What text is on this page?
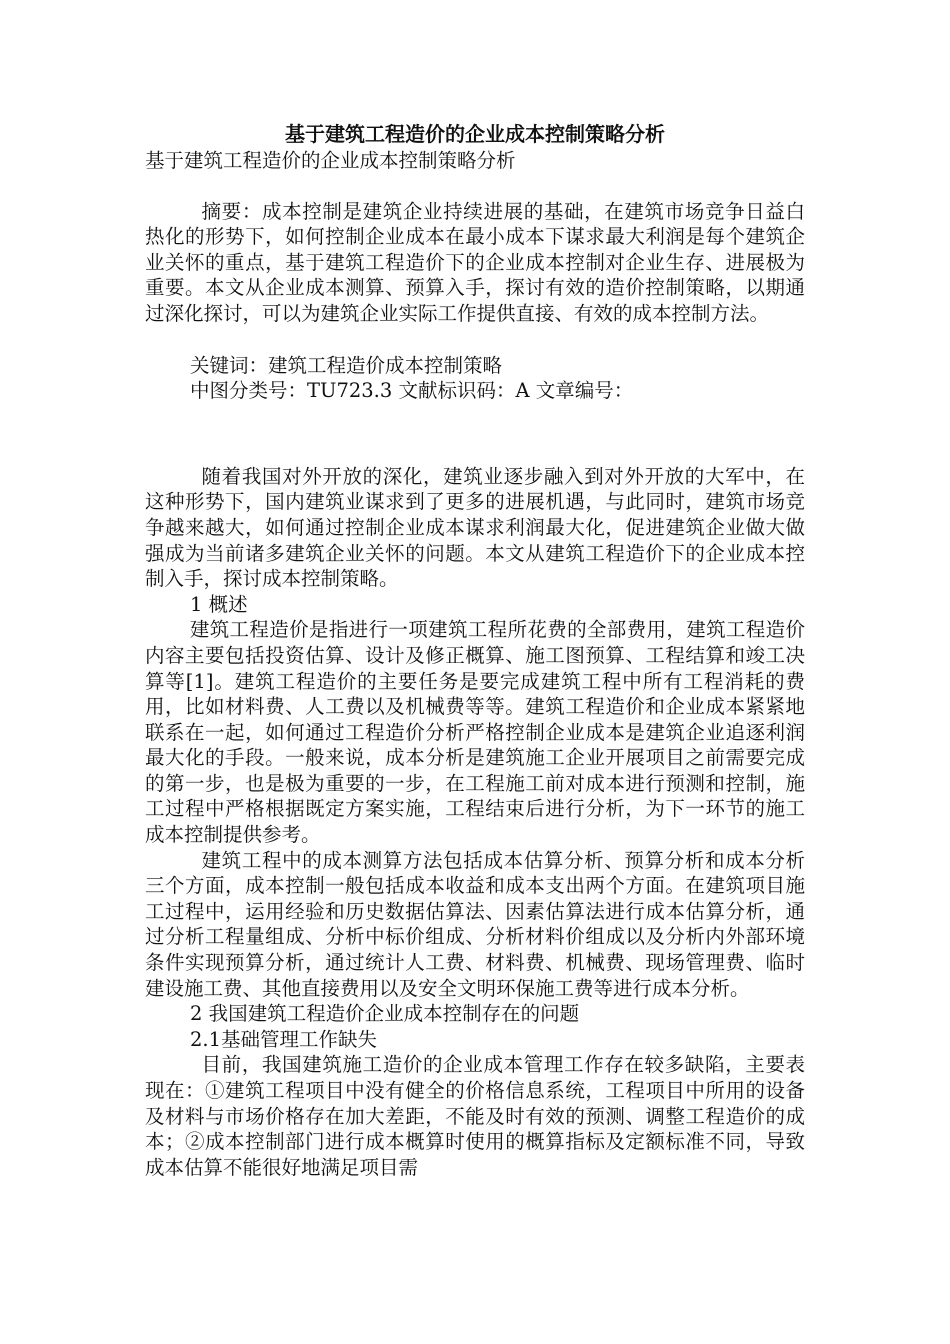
基于建筑工程造价的企业成本控制策略分析

基于建筑工程造价的企业成本控制策略分析

摘要：成本控制是建筑企业持续进展的基础，在建筑市场竞争日益白热化的形势下，如何控制企业成本在最小成本下谋求最大利润是每个建筑企业关怀的重点，基于建筑工程造价下的企业成本控制对企业生存、进展极为重要。本文从企业成本测算、预算入手，探讨有效的造价控制策略，以期通过深化探讨，可以为建筑企业实际工作提供直接、有效的成本控制方法。

关键词：建筑工程造价成本控制策略

中图分类号：TU723.3 文献标识码：A 文章编号：

随着我国对外开放的深化，建筑业逐步融入到对外开放的大军中，在这种形势下，国内建筑业谋求到了更多的进展机遇，与此同时，建筑市场竞争越来越大，如何通过控制企业成本谋求利润最大化，促进建筑企业做大做强成为当前诸多建筑企业关怀的问题。本文从建筑工程造价下的企业成本控制入手，探讨成本控制策略。

1 概述

建筑工程造价是指进行一项建筑工程所花费的全部费用，建筑工程造价内容主要包括投资估算、设计及修正概算、施工图预算、工程结算和竣工决算等[1]。建筑工程造价的主要任务是要完成建筑工程中所有工程消耗的费用，比如材料费、人工费以及机械费等等。建筑工程造价和企业成本紧紧地联系在一起，如何通过工程造价分析严格控制企业成本是建筑企业追逐利润最大化的手段。一般来说，成本分析是建筑施工企业开展项目之前需要完成的第一步，也是极为重要的一步，在工程施工前对成本进行预测和控制，施工过程中严格根据既定方案实施，工程结束后进行分析，为下一环节的施工成本控制提供参考。

建筑工程中的成本测算方法包括成本估算分析、预算分析和成本分析三个方面，成本控制一般包括成本收益和成本支出两个方面。在建筑项目施工过程中，运用经验和历史数据估算法、因素估算法进行成本估算分析，通过分析工程量组成、分析中标价组成、分析材料价组成以及分析内外部环境条件实现预算分析，通过统计人工费、材料费、机械费、现场管理费、临时建设施工费、其他直接费用以及安全文明环保施工费等进行成本分析。

2 我国建筑工程造价企业成本控制存在的问题

2.1基础管理工作缺失

目前，我国建筑施工造价的企业成本管理工作存在较多缺陷，主要表现在：①建筑工程项目中没有健全的价格信息系统，工程项目中所用的设备及材料与市场价格存在加大差距，不能及时有效的预测、调整工程造价的成本；②成本控制部门进行成本概算时使用的概算指标及定额标准不同，导致成本估算不能很好地满足项目需
